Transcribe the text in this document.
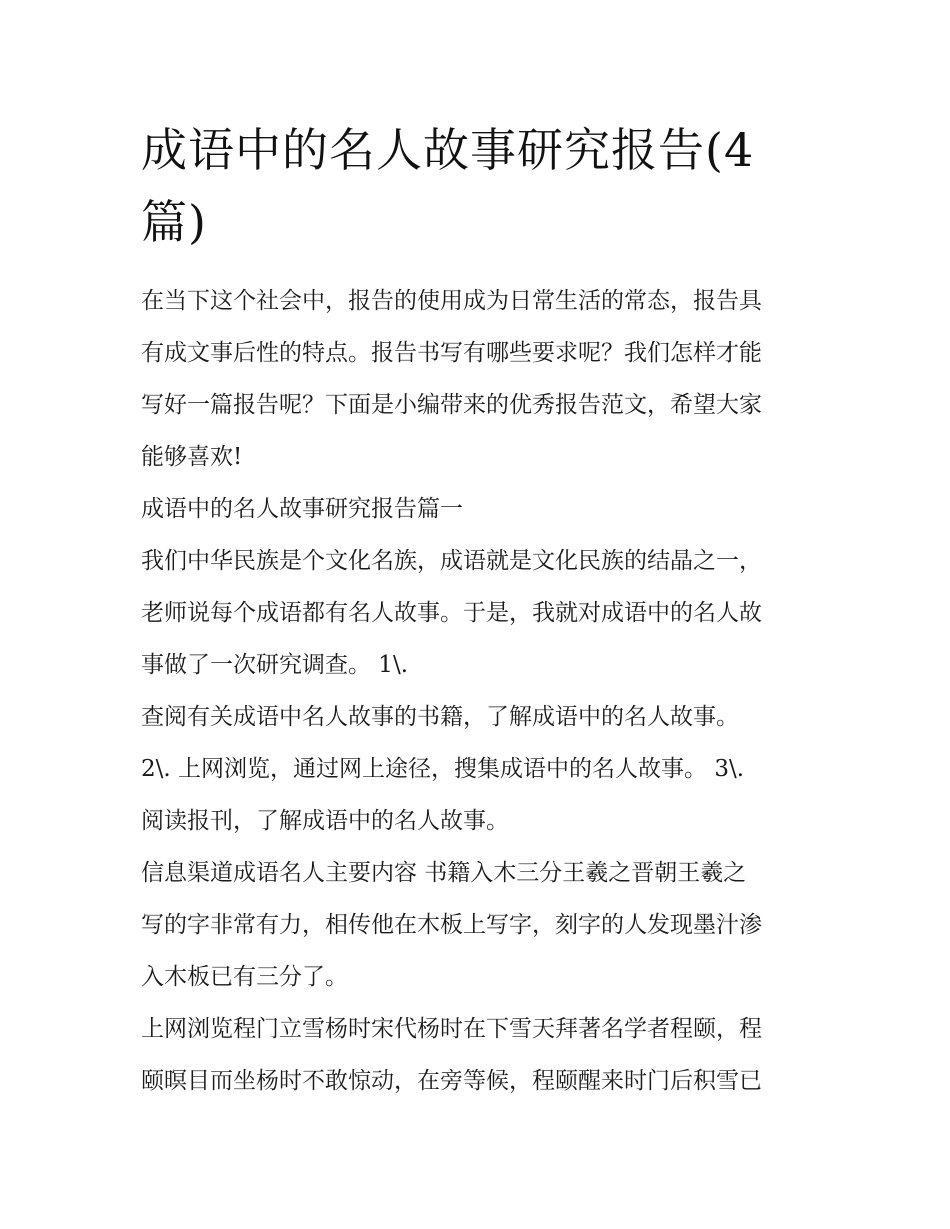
成语中的名人故事研究报告(4
篇)
在当下这个社会中，报告的使用成为日常生活的常态，报告具
有成文事后性的特点。报告书写有哪些要求呢？我们怎样才能
写好一篇报告呢？下面是小编带来的优秀报告范文，希望大家
能够喜欢!
成语中的名人故事研究报告篇一
我们中华民族是个文化名族，成语就是文化民族的结晶之一，
老师说每个成语都有名人故事。于是，我就对成语中的名人故
事做了一次研究调查。 1\.
查阅有关成语中名人故事的书籍，了解成语中的名人故事。
2\. 上网浏览，通过网上途径，搜集成语中的名人故事。 3\.
阅读报刊，了解成语中的名人故事。
信息渠道成语名人主要内容 书籍入木三分王羲之晋朝王羲之
写的字非常有力，相传他在木板上写字，刻字的人发现墨汁渗
入木板已有三分了。
上网浏览程门立雪杨时宋代杨时在下雪天拜著名学者程颐，程
颐暝目而坐杨时不敢惊动，在旁等候，程颐醒来时门后积雪已
